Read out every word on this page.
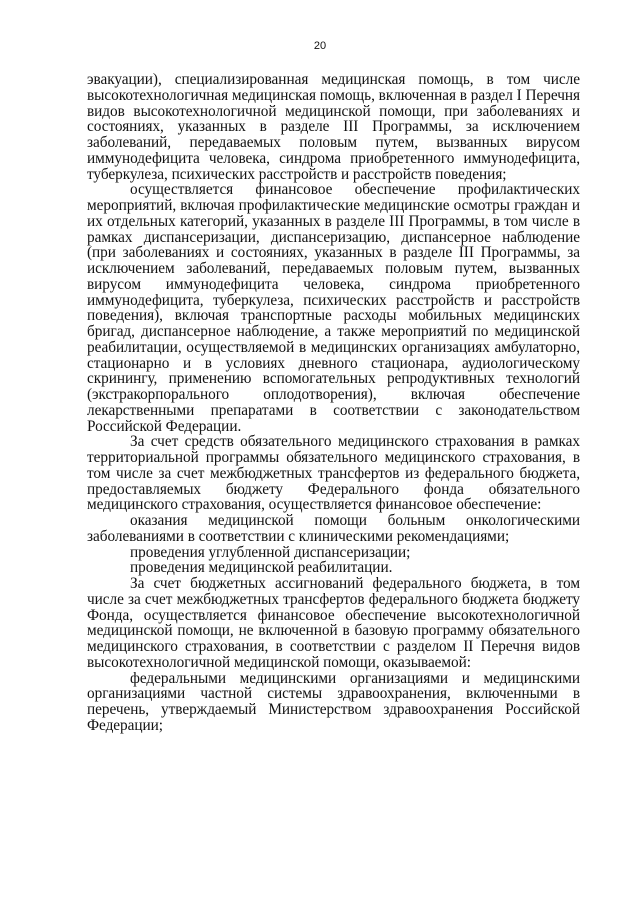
20

эвакуации), специализированная медицинская помощь, в том числе высокотехнологичная медицинская помощь, включенная в раздел I Перечня видов высокотехнологичной медицинской помощи, при заболеваниях и состояниях, указанных в разделе III Программы, за исключением заболеваний, передаваемых половым путем, вызванных вирусом иммунодефицита человека, синдрома приобретенного иммунодефицита, туберкулеза, психических расстройств и расстройств поведения;

осуществляется финансовое обеспечение профилактических мероприятий, включая профилактические медицинские осмотры граждан и их отдельных категорий, указанных в разделе III Программы, в том числе в рамках диспансеризации, диспансеризацию, диспансерное наблюдение (при заболеваниях и состояниях, указанных в разделе III Программы, за исключением заболеваний, передаваемых половым путем, вызванных вирусом иммунодефицита человека, синдрома приобретенного иммунодефицита, туберкулеза, психических расстройств и расстройств поведения), включая транспортные расходы мобильных медицинских бригад, диспансерное наблюдение, а также мероприятий по медицинской реабилитации, осуществляемой в медицинских организациях амбулаторно, стационарно и в условиях дневного стационара, аудиологическому скринингу, применению вспомогательных репродуктивных технологий (экстракорпорального оплодотворения), включая обеспечение лекарственными препаратами в соответствии с законодательством Российской Федерации.

За счет средств обязательного медицинского страхования в рамках территориальной программы обязательного медицинского страхования, в том числе за счет межбюджетных трансфертов из федерального бюджета, предоставляемых бюджету Федерального фонда обязательного медицинского страхования, осуществляется финансовое обеспечение:

оказания медицинской помощи больным онкологическими заболеваниями в соответствии с клиническими рекомендациями;

проведения углубленной диспансеризации;

проведения медицинской реабилитации.

За счет бюджетных ассигнований федерального бюджета, в том числе за счет межбюджетных трансфертов федерального бюджета бюджету Фонда, осуществляется финансовое обеспечение высокотехнологичной медицинской помощи, не включенной в базовую программу обязательного медицинского страхования, в соответствии с разделом II Перечня видов высокотехнологичной медицинской помощи, оказываемой:

федеральными медицинскими организациями и медицинскими организациями частной системы здравоохранения, включенными в перечень, утверждаемый Министерством здравоохранения Российской Федерации;
